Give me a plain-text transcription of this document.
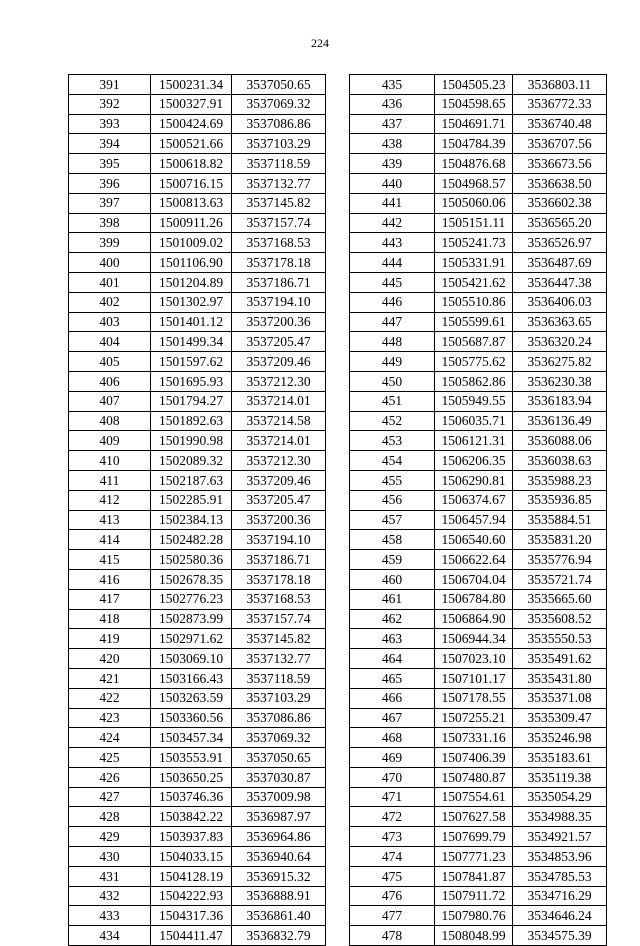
224
391	1500231.34	3537050.65
392	1500327.91	3537069.32
393	1500424.69	3537086.86
394	1500521.66	3537103.29
395	1500618.82	3537118.59
396	1500716.15	3537132.77
397	1500813.63	3537145.82
398	1500911.26	3537157.74
399	1501009.02	3537168.53
400	1501106.90	3537178.18
401	1501204.89	3537186.71
402	1501302.97	3537194.10
403	1501401.12	3537200.36
404	1501499.34	3537205.47
405	1501597.62	3537209.46
406	1501695.93	3537212.30
407	1501794.27	3537214.01
408	1501892.63	3537214.58
409	1501990.98	3537214.01
410	1502089.32	3537212.30
411	1502187.63	3537209.46
412	1502285.91	3537205.47
413	1502384.13	3537200.36
414	1502482.28	3537194.10
415	1502580.36	3537186.71
416	1502678.35	3537178.18
417	1502776.23	3537168.53
418	1502873.99	3537157.74
419	1502971.62	3537145.82
420	1503069.10	3537132.77
421	1503166.43	3537118.59
422	1503263.59	3537103.29
423	1503360.56	3537086.86
424	1503457.34	3537069.32
425	1503553.91	3537050.65
426	1503650.25	3537030.87
427	1503746.36	3537009.98
428	1503842.22	3536987.97
429	1503937.83	3536964.86
430	1504033.15	3536940.64
431	1504128.19	3536915.32
432	1504222.93	3536888.91
433	1504317.36	3536861.40
434	1504411.47	3536832.79
435	1504505.23	3536803.11
436	1504598.65	3536772.33
437	1504691.71	3536740.48
438	1504784.39	3536707.56
439	1504876.68	3536673.56
440	1504968.57	3536638.50
441	1505060.06	3536602.38
442	1505151.11	3536565.20
443	1505241.73	3536526.97
444	1505331.91	3536487.69
445	1505421.62	3536447.38
446	1505510.86	3536406.03
447	1505599.61	3536363.65
448	1505687.87	3536320.24
449	1505775.62	3536275.82
450	1505862.86	3536230.38
451	1505949.55	3536183.94
452	1506035.71	3536136.49
453	1506121.31	3536088.06
454	1506206.35	3536038.63
455	1506290.81	3535988.23
456	1506374.67	3535936.85
457	1506457.94	3535884.51
458	1506540.60	3535831.20
459	1506622.64	3535776.94
460	1506704.04	3535721.74
461	1506784.80	3535665.60
462	1506864.90	3535608.52
463	1506944.34	3535550.53
464	1507023.10	3535491.62
465	1507101.17	3535431.80
466	1507178.55	3535371.08
467	1507255.21	3535309.47
468	1507331.16	3535246.98
469	1507406.39	3535183.61
470	1507480.87	3535119.38
471	1507554.61	3535054.29
472	1507627.58	3534988.35
473	1507699.79	3534921.57
474	1507771.23	3534853.96
475	1507841.87	3534785.53
476	1507911.72	3534716.29
477	1507980.76	3534646.24
478	1508048.99	3534575.39
